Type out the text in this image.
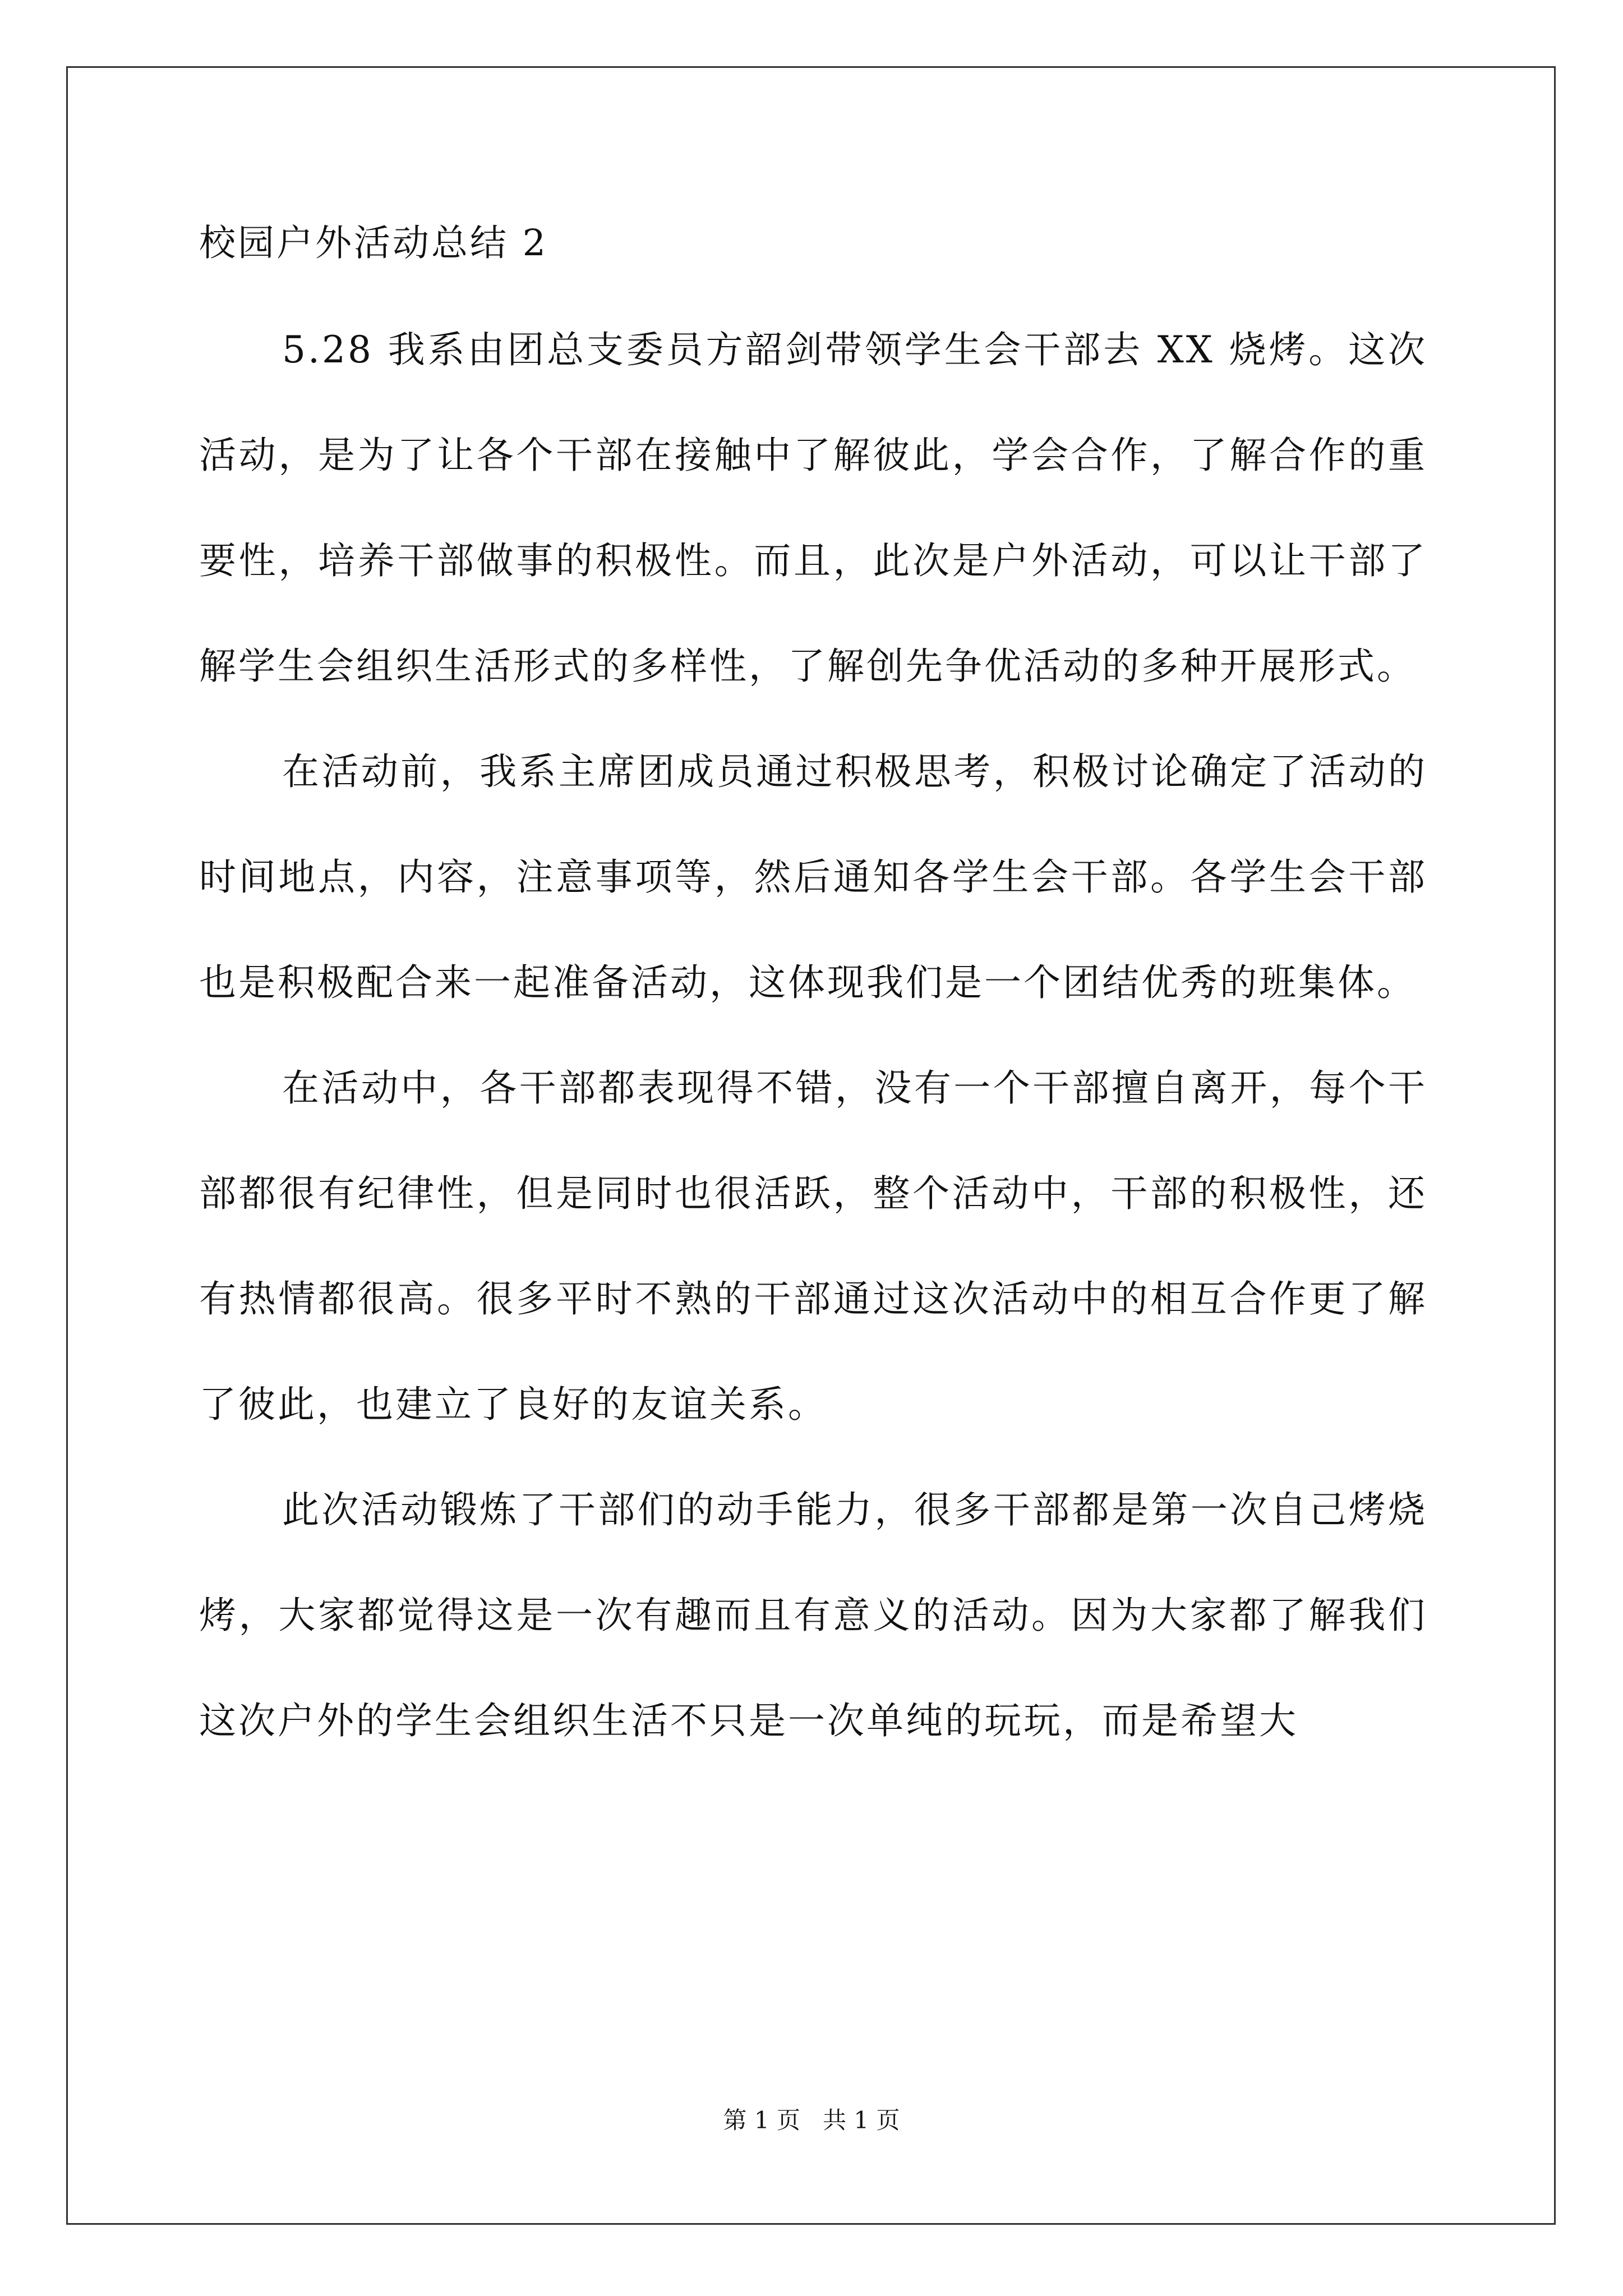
校园户外活动总结 2

5.28 我系由团总支委员方韶剑带领学生会干部去 XX 烧烤。这次活动，是为了让各个干部在接触中了解彼此，学会合作，了解合作的重要性，培养干部做事的积极性。而且，此次是户外活动，可以让干部了解学生会组织生活形式的多样性，了解创先争优活动的多种开展形式。

在活动前，我系主席团成员通过积极思考，积极讨论确定了活动的时间地点，内容，注意事项等，然后通知各学生会干部。各学生会干部也是积极配合来一起准备活动，这体现我们是一个团结优秀的班集体。

在活动中，各干部都表现得不错，没有一个干部擅自离开，每个干部都很有纪律性，但是同时也很活跃，整个活动中，干部的积极性，还有热情都很高。很多平时不熟的干部通过这次活动中的相互合作更了解了彼此，也建立了良好的友谊关系。

此次活动锻炼了干部们的动手能力，很多干部都是第一次自己烤烧烤，大家都觉得这是一次有趣而且有意义的活动。因为大家都了解我们这次户外的学生会组织生活不只是一次单纯的玩玩，而是希望大

第 1 页   共 1 页
